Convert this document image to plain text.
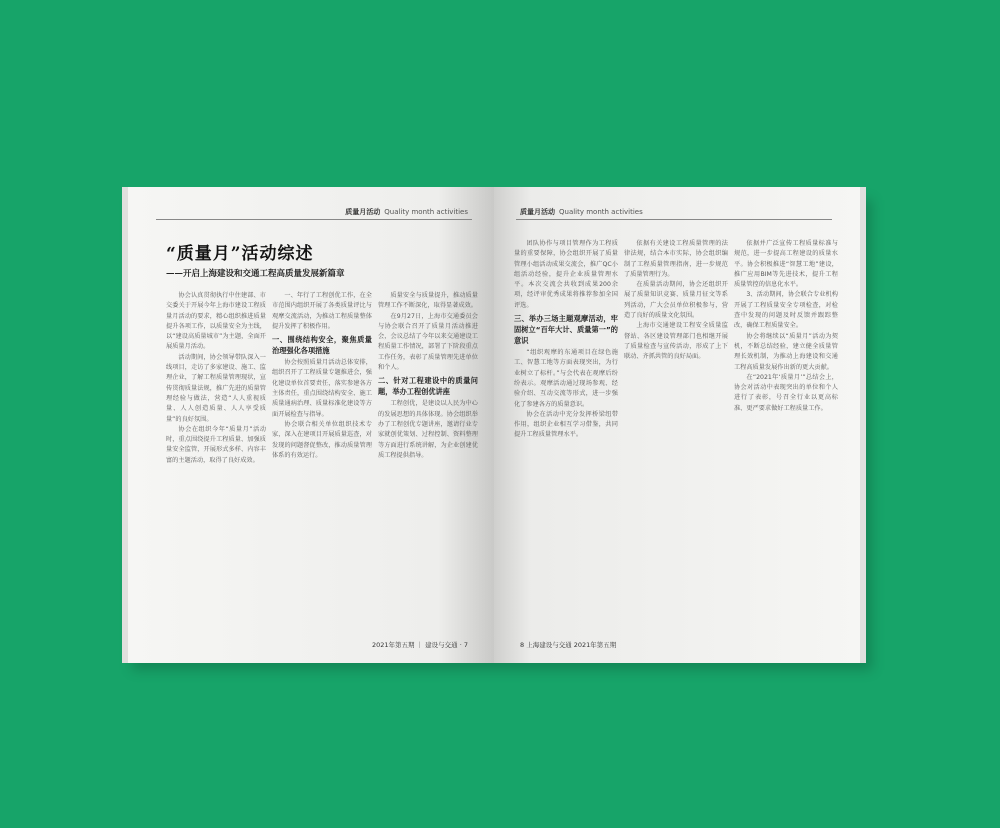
质量月活动 Quality month activities
“质量月”活动综述
——开启上海建设和交通工程高质量发展新篇章

协会认真贯彻执行中住建部、市交委关于开展今年上海市建设工程质量月活动的要求，精心组织推进质量提升各项工作，以质量安全为主线，以“建设高质量城市”为主题，全面开展质量月活动。

活动期间，协会领导带队深入一线项目，走访了多家建设、施工、监理企业，了解工程质量管理现状，宣传贯彻质量法规，推广先进的质量管理经验与做法，营造“人人重视质量、人人创造质量、人人享受质量”的良好氛围。

协会在组织今年“质量月”活动时，重点围绕提升工程质量、加强质量安全监管，开展形式多样、内容丰富的主题活动，取得了良好成效。

一、年行了工程创优工作，在全市范围内组织开展了各类质量评比与观摩交流活动，为推动工程质量整体提升发挥了积极作用。

一、围绕结构安全，聚焦质量治理强化各项措施

协会按照质量月活动总体安排，组织召开了工程质量专题推进会，强化建设单位首要责任，落实参建各方主体责任，重点围绕结构安全、施工质量通病治理、质量标准化建设等方面开展检查与指导。

协会联合相关单位组织技术专家，深入在建项目开展质量巡查，对发现的问题督促整改，推动质量管理体系的有效运行。

质量安全与质量提升，推动质量管理工作不断深化，取得显著成效。

在9月27日，上海市交通委员会与协会联合召开了质量月活动推进会，会议总结了今年以来交通建设工程质量工作情况，部署了下阶段重点工作任务，表彰了质量管理先进单位和个人。

二、针对工程建设中的质量问题，举办工程创优讲座

工程创优，是建设以人民为中心的发展思想的具体体现。协会组织举办了工程创优专题讲座，邀请行业专家就创优策划、过程控制、资料整理等方面进行系统讲解，为企业创建优质工程提供指导。

2021年第五期 ｜ 建设与交通 · 7
质量月活动 Quality month activities

团队协作与项目管理作为工程质量的重要保障，协会组织开展了质量管理小组活动成果交流会，推广QC小组活动经验，提升企业质量管理水平。本次交流会共收到成果200余项，经评审优秀成果将推荐参加全国评选。

三、举办三场主题观摩活动，牢固树立“百年大计、质量第一”的意识

“组织观摩的东通项目在绿色施工、智慧工地等方面表现突出，为行业树立了标杆。”与会代表在观摩后纷纷表示。观摩活动通过现场参观、经验介绍、互动交流等形式，进一步强化了参建各方的质量意识。

协会在活动中充分发挥桥梁纽带作用，组织企业相互学习借鉴，共同提升工程质量管理水平。

依据有关建设工程质量管理的法律法规，结合本市实际，协会组织编制了工程质量管理指南，进一步规范了质量管理行为。

在质量活动期间，协会还组织开展了质量知识竞赛、质量月征文等系列活动，广大会员单位积极参与，营造了良好的质量文化氛围。

上海市交通建设工程安全质量监督站、各区建设管理部门也相继开展了质量检查与宣传活动，形成了上下联动、齐抓共管的良好局面。

依据并广泛宣传工程质量标准与规范，进一步提高工程建设的质量水平。协会积极推进“智慧工地”建设，推广应用BIM等先进技术，提升工程质量管控的信息化水平。

3、活动期间，协会联合专业机构开展了工程质量安全专项检查，对检查中发现的问题及时反馈并跟踪整改，确保工程质量安全。

协会将继续以“质量月”活动为契机，不断总结经验，建立健全质量管理长效机制，为推动上海建设和交通工程高质量发展作出新的更大贡献。

在“2021年‘质量月’”总结会上，协会对活动中表现突出的单位和个人进行了表彰，号召全行业以更高标准、更严要求做好工程质量工作。

8 上海建设与交通 2021年第五期
